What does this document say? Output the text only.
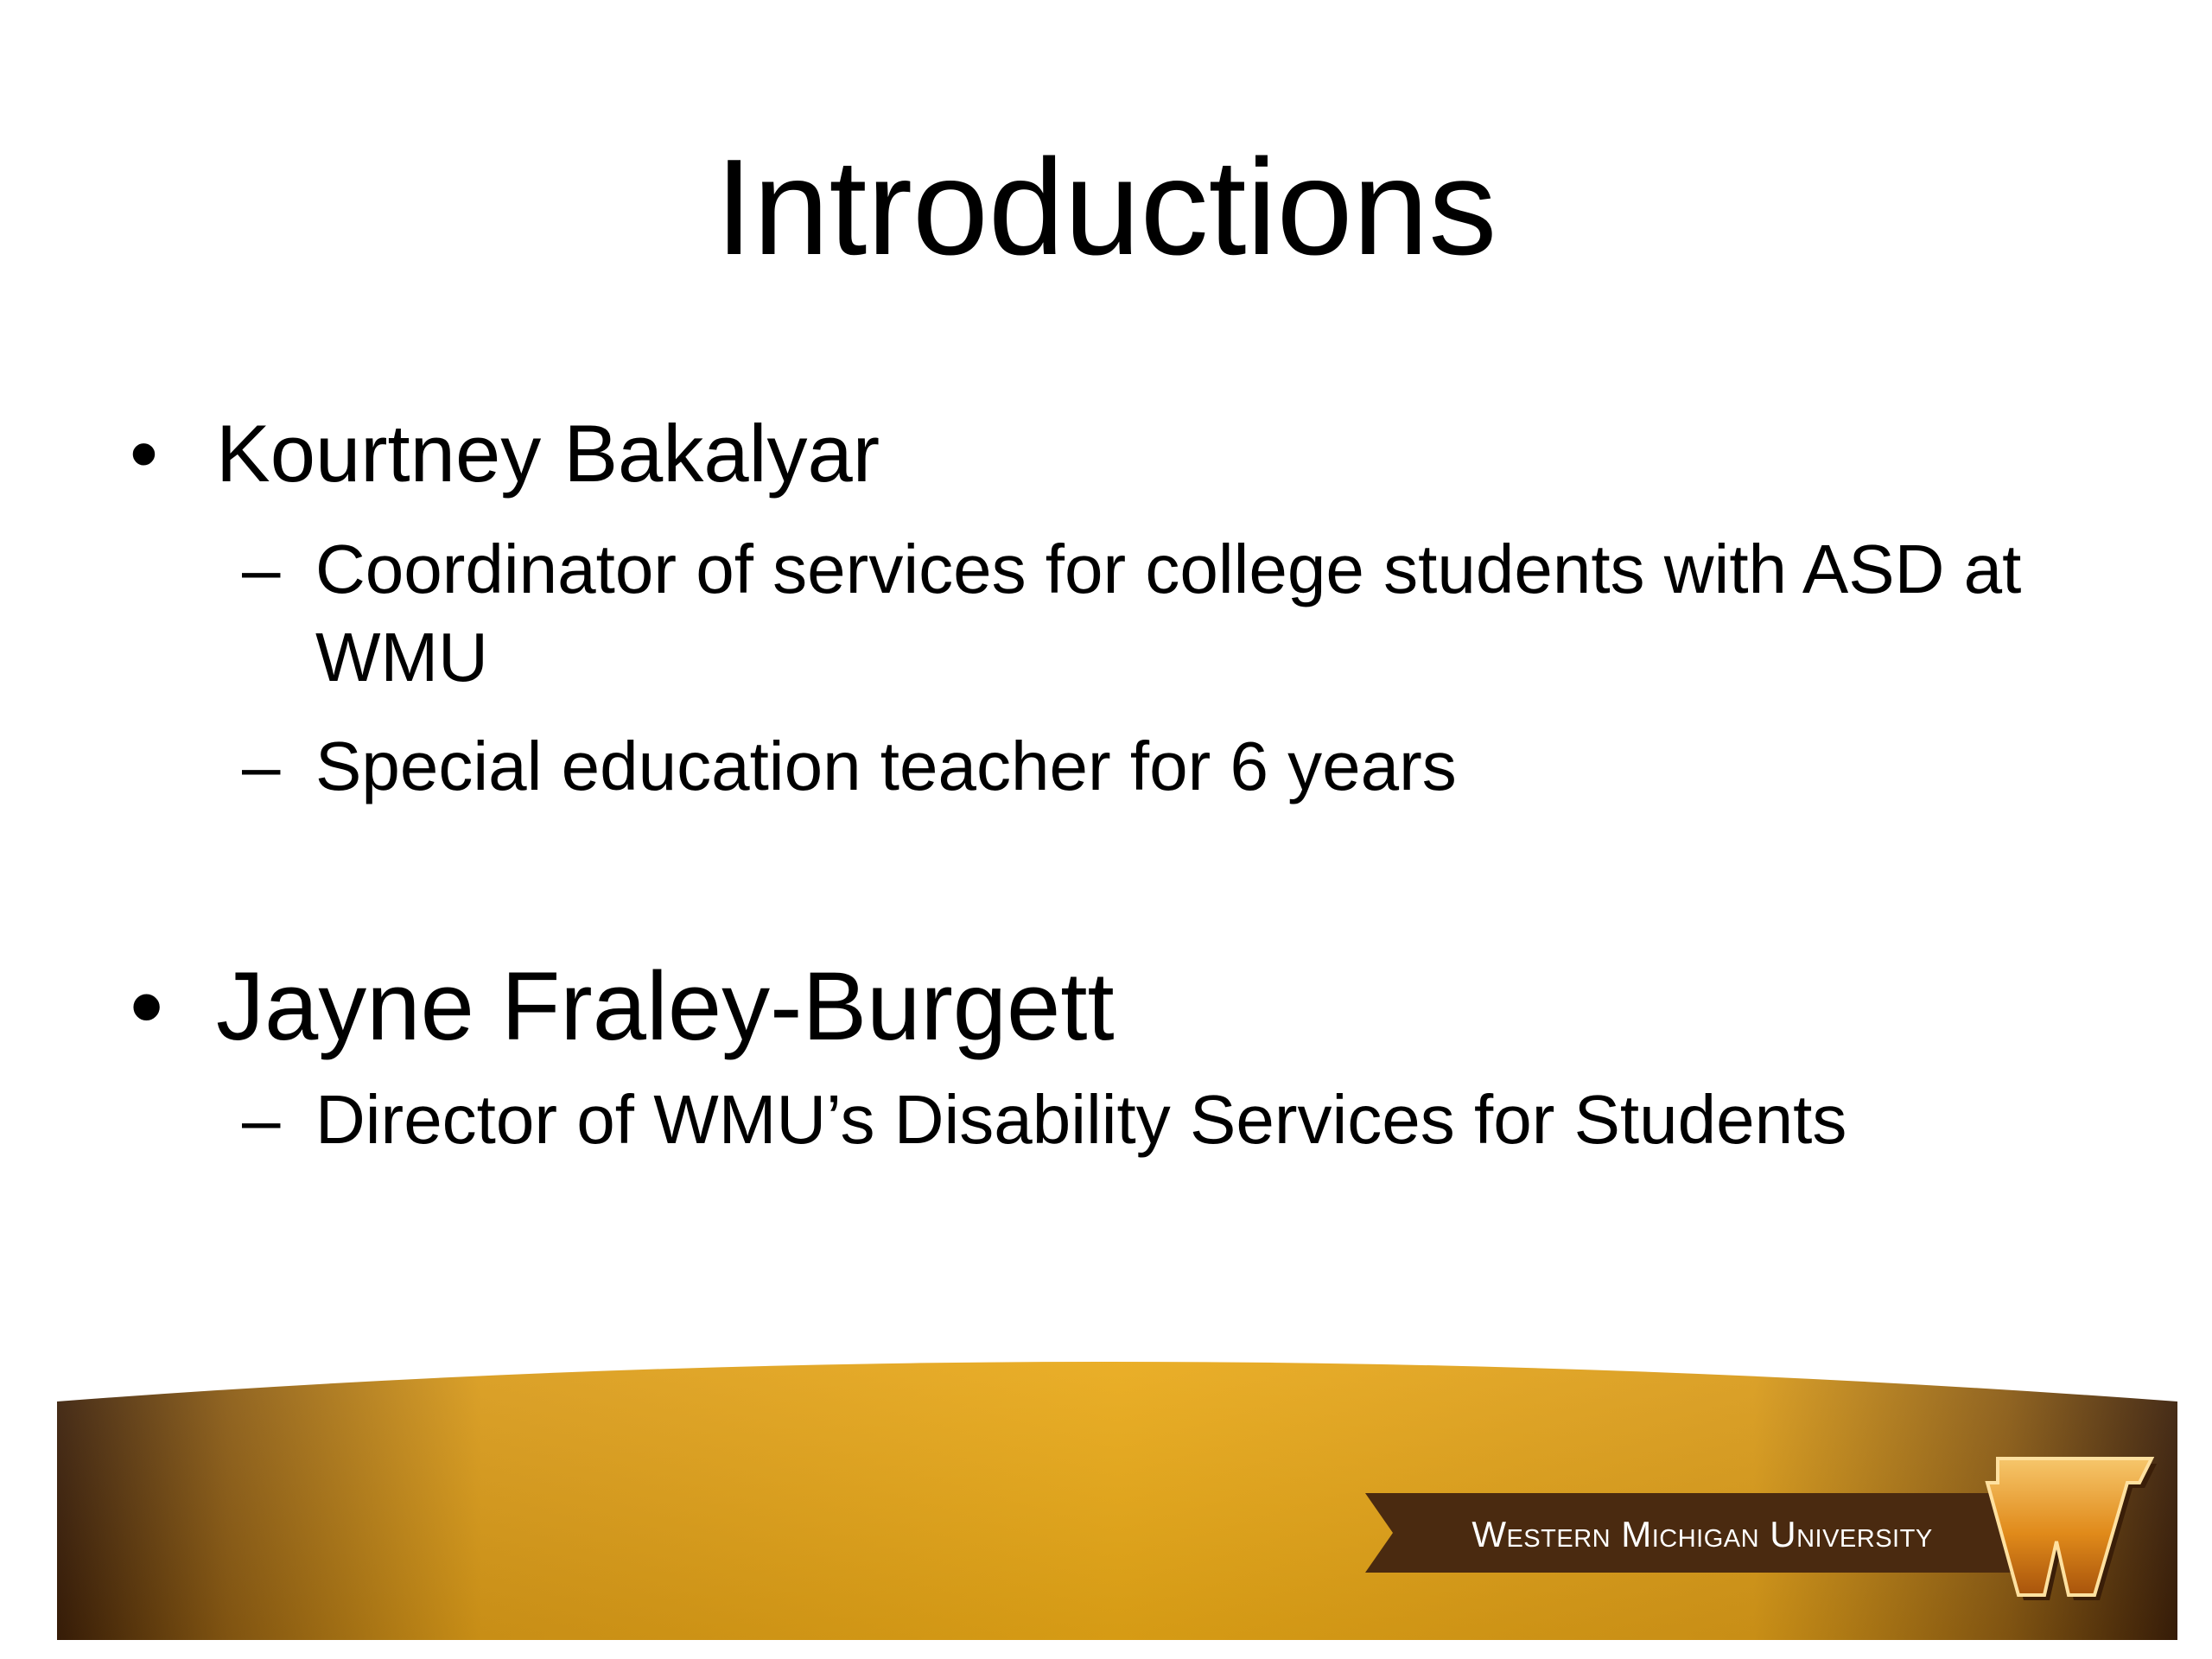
Introductions
• Kourtney Bakalyar
– Coordinator of services for college students with ASD at WMU
– Special education teacher for 6 years
• Jayne Fraley-Burgett
– Director of WMU’s Disability Services for Students
Western Michigan University
